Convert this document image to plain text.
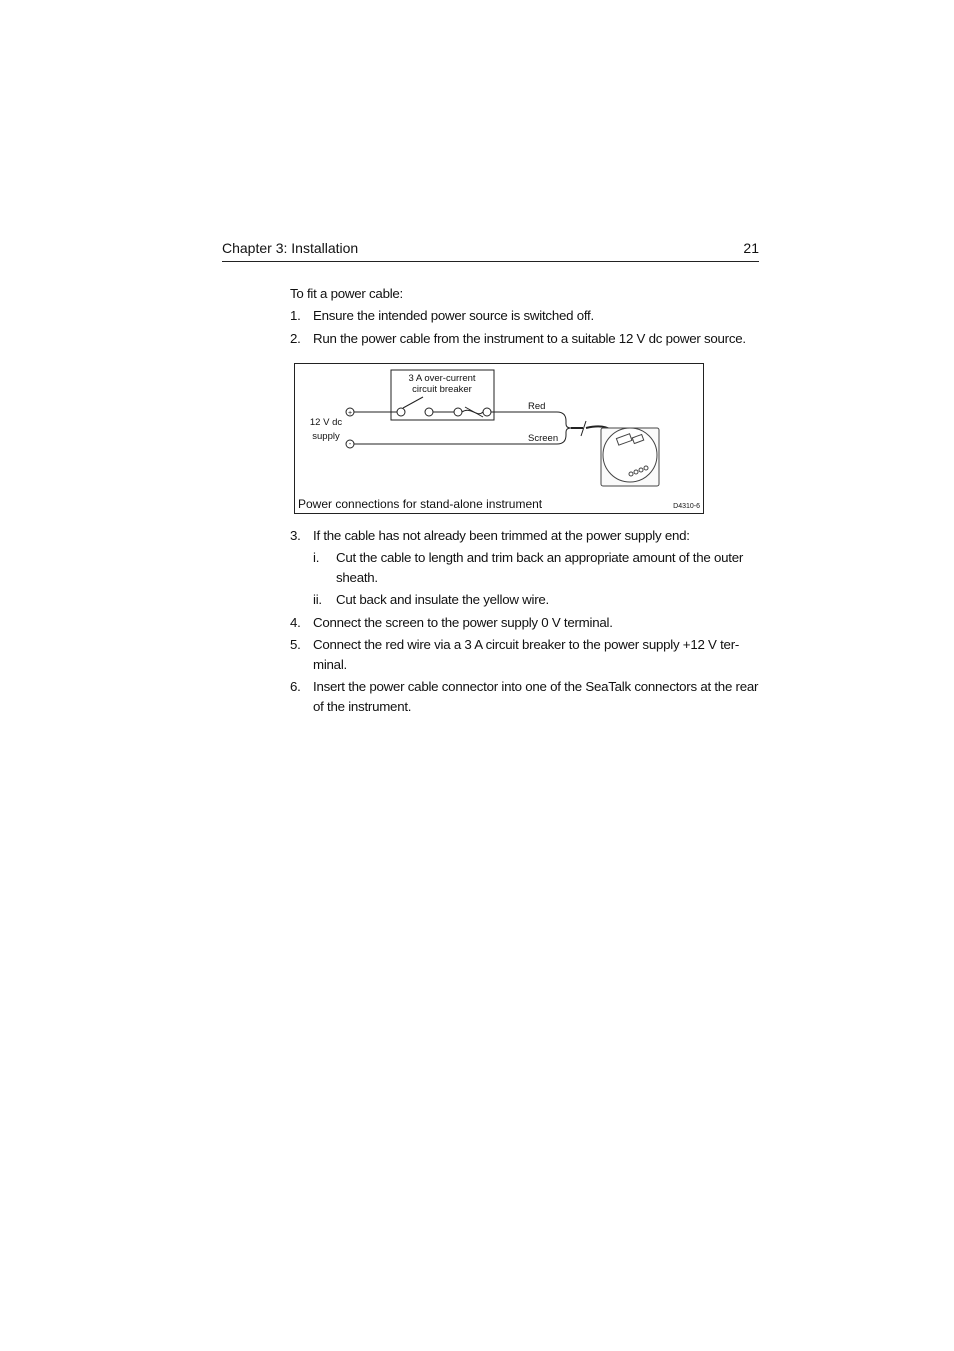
Chapter 3: Installation	21
To fit a power cable:
1. Ensure the intended power source is switched off.
2. Run the power cable from the instrument to a suitable 12 V dc power source.
3 A over-current
circuit breaker
12 V dc
supply
+
-
Red
Screen
Power connections for stand-alone instrument	D4310-6
3. If the cable has not already been trimmed at the power supply end:
i. Cut the cable to length and trim back an appropriate amount of the outer sheath.
ii. Cut back and insulate the yellow wire.
4. Connect the screen to the power supply 0 V terminal.
5. Connect the red wire via a 3 A circuit breaker to the power supply +12 V ter-minal.
6. Insert the power cable connector into one of the SeaTalk connectors at the rear of the instrument.
